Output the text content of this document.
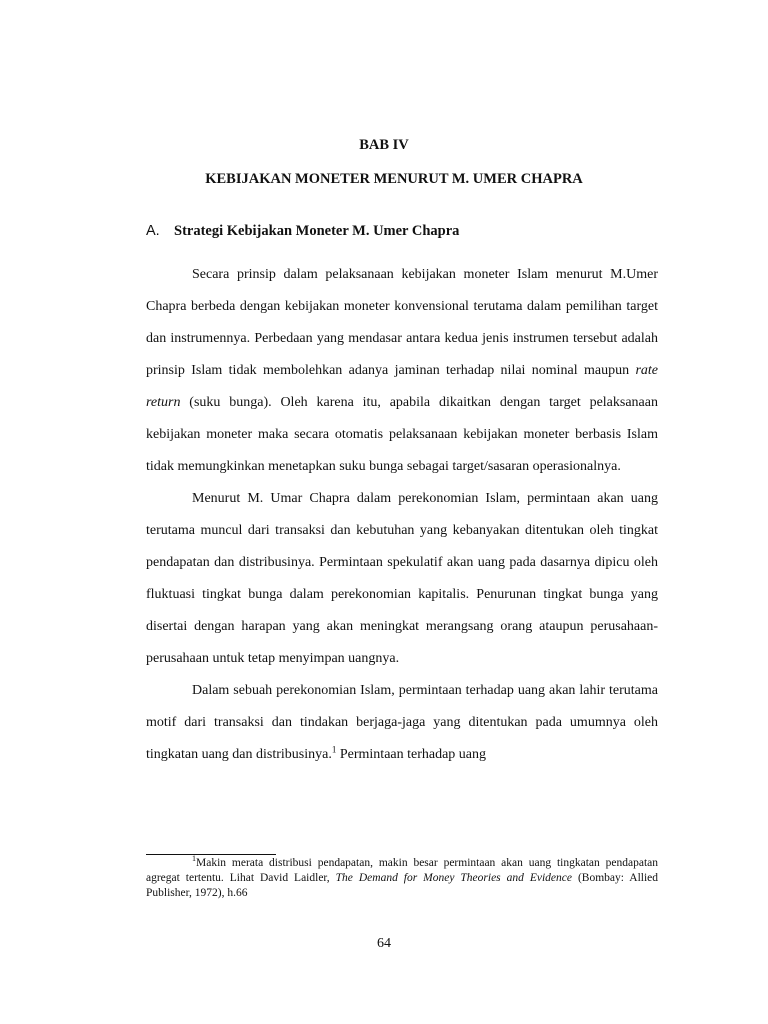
BAB IV
KEBIJAKAN MONETER MENURUT M. UMER CHAPRA
A. Strategi Kebijakan Moneter M. Umer Chapra

Secara prinsip dalam pelaksanaan kebijakan moneter Islam menurut M.Umer Chapra berbeda dengan kebijakan moneter konvensional terutama dalam pemilihan target dan instrumennya. Perbedaan yang mendasar antara kedua jenis instrumen tersebut adalah prinsip Islam tidak membolehkan adanya jaminan terhadap nilai nominal maupun rate return (suku bunga). Oleh karena itu, apabila dikaitkan dengan target pelaksanaan kebijakan moneter maka secara otomatis pelaksanaan kebijakan moneter berbasis Islam tidak memungkinkan menetapkan suku bunga sebagai target/sasaran operasionalnya.

Menurut M. Umar Chapra dalam perekonomian Islam, permintaan akan uang terutama muncul dari transaksi dan kebutuhan yang kebanyakan ditentukan oleh tingkat pendapatan dan distribusinya. Permintaan spekulatif akan uang pada dasarnya dipicu oleh fluktuasi tingkat bunga dalam perekonomian kapitalis. Penurunan tingkat bunga yang disertai dengan harapan yang akan meningkat merangsang orang ataupun perusahaan-perusahaan untuk tetap menyimpan uangnya.

Dalam sebuah perekonomian Islam, permintaan terhadap uang akan lahir terutama motif dari transaksi dan tindakan berjaga-jaga yang ditentukan pada umumnya oleh tingkatan uang dan distribusinya.$^1$ Permintaan terhadap uang

$^1$Makin merata distribusi pendapatan, makin besar permintaan akan uang tingkatan pendapatan agregat tertentu. Lihat David Laidler, The Demand for Money Theories and Evidence (Bombay: Allied Publisher, 1972), h.66

64
